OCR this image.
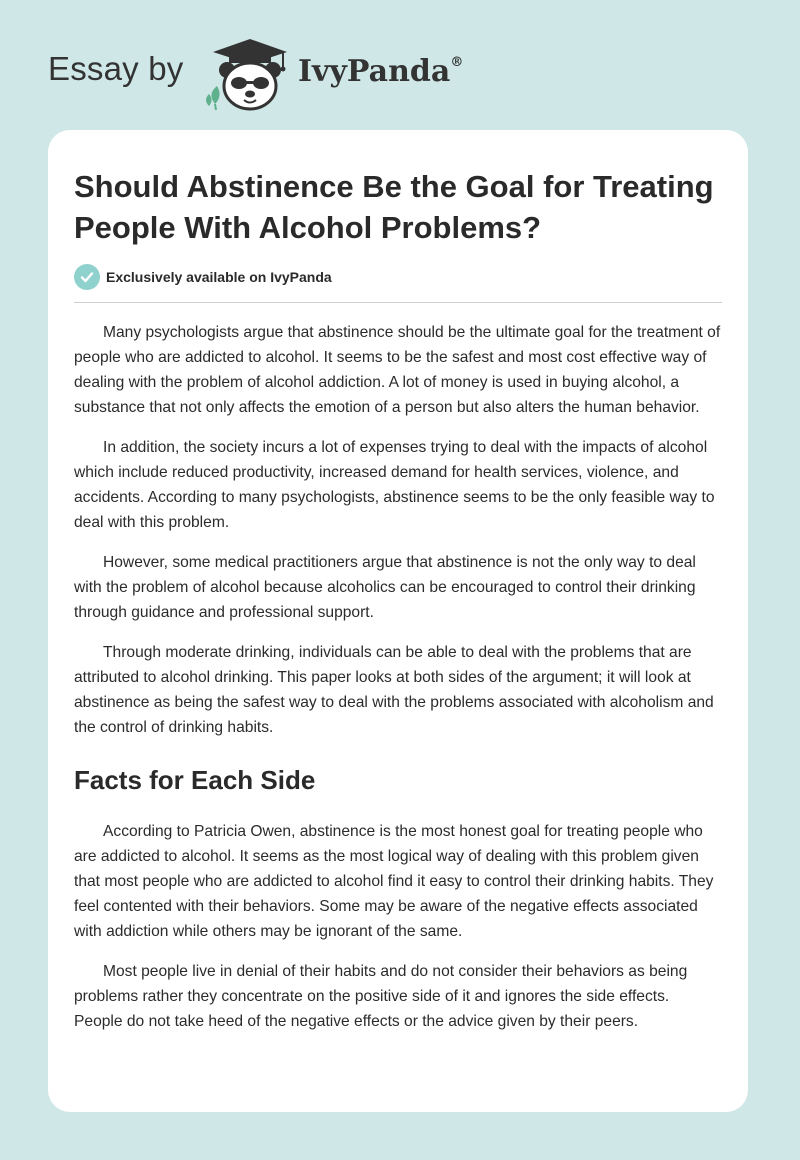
Essay by	IvyPanda®
Should Abstinence Be the Goal for Treating People With Alcohol Problems?
Exclusively available on IvyPanda

Many psychologists argue that abstinence should be the ultimate goal for the treatment of people who are addicted to alcohol. It seems to be the safest and most cost effective way of dealing with the problem of alcohol addiction. A lot of money is used in buying alcohol, a substance that not only affects the emotion of a person but also alters the human behavior.

In addition, the society incurs a lot of expenses trying to deal with the impacts of alcohol which include reduced productivity, increased demand for health services, violence, and accidents. According to many psychologists, abstinence seems to be the only feasible way to deal with this problem.

However, some medical practitioners argue that abstinence is not the only way to deal with the problem of alcohol because alcoholics can be encouraged to control their drinking through guidance and professional support.

Through moderate drinking, individuals can be able to deal with the problems that are attributed to alcohol drinking. This paper looks at both sides of the argument; it will look at abstinence as being the safest way to deal with the problems associated with alcoholism and the control of drinking habits.

Facts for Each Side

According to Patricia Owen, abstinence is the most honest goal for treating people who are addicted to alcohol. It seems as the most logical way of dealing with this problem given that most people who are addicted to alcohol find it easy to control their drinking habits. They feel contented with their behaviors. Some may be aware of the negative effects associated with addiction while others may be ignorant of the same.

Most people live in denial of their habits and do not consider their behaviors as being problems rather they concentrate on the positive side of it and ignores the side effects. People do not take heed of the negative effects or the advice given by their peers.
